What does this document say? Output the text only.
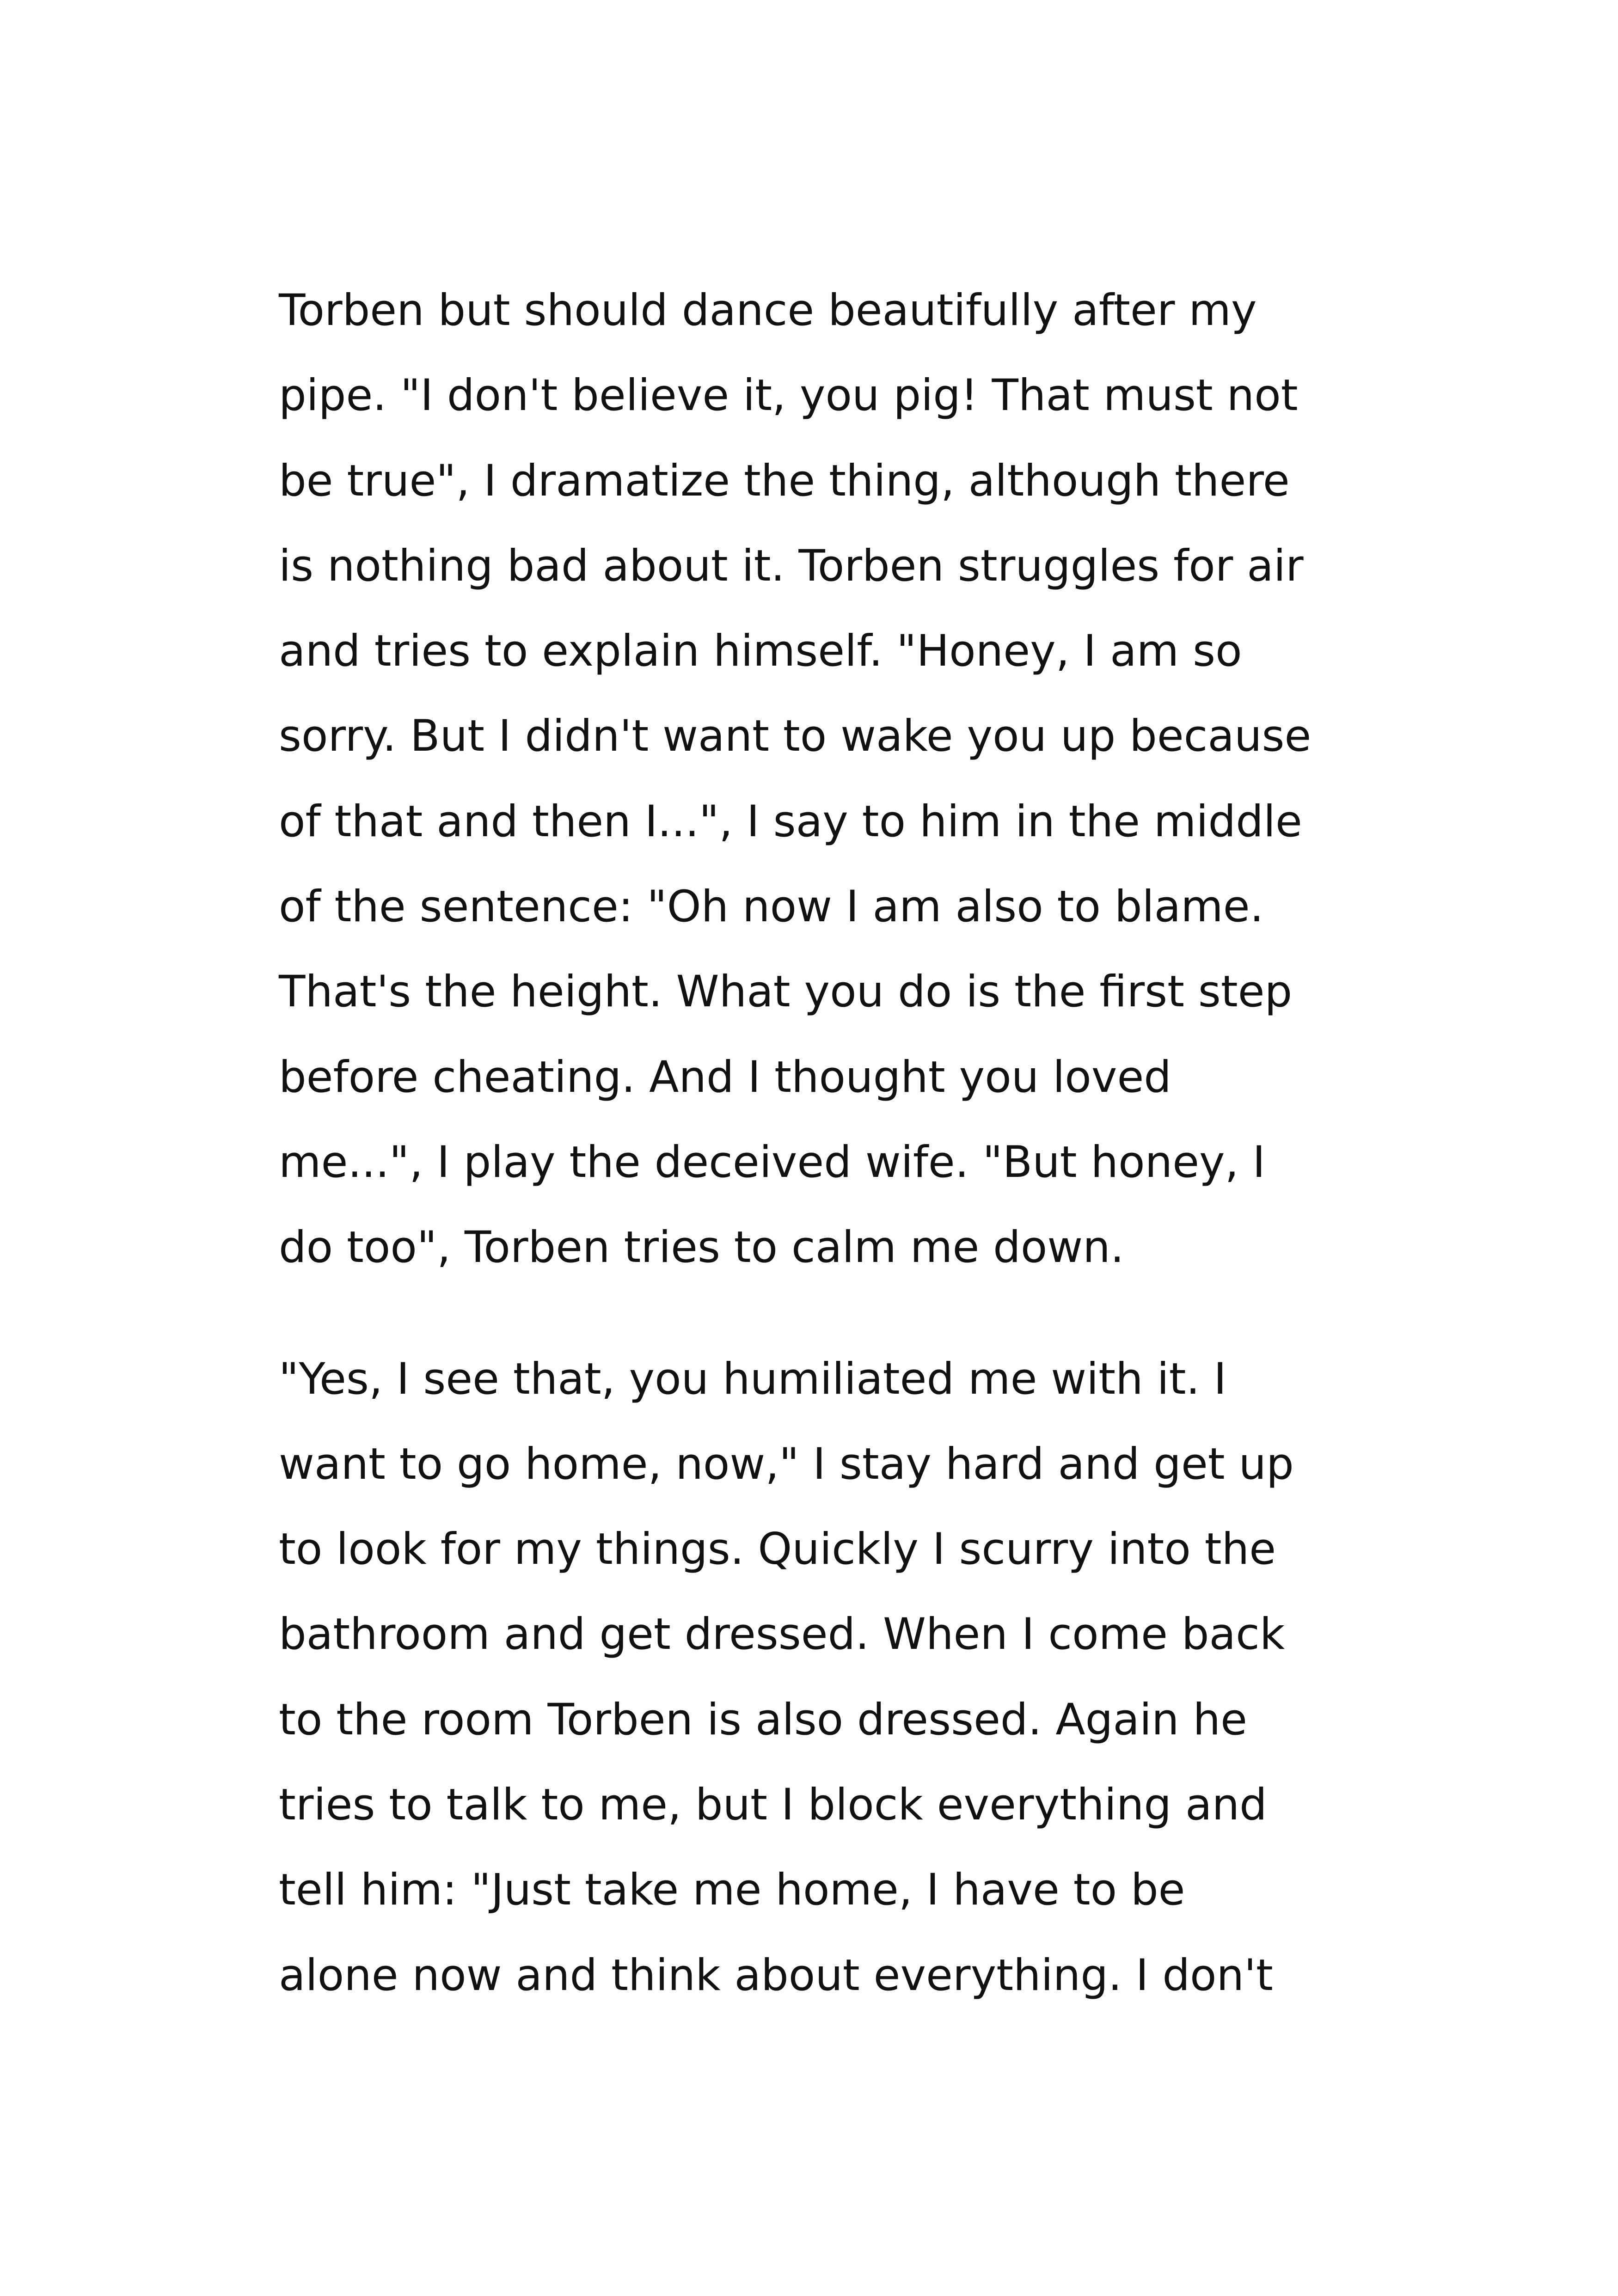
Torben but should dance beautifully after my
pipe. "I don't believe it, you pig! That must not
be true", I dramatize the thing, although there
is nothing bad about it. Torben struggles for air
and tries to explain himself. "Honey, I am so
sorry. But I didn't want to wake you up because
of that and then I...", I say to him in the middle
of the sentence: "Oh now I am also to blame.
That's the height. What you do is the first step
before cheating. And I thought you loved
me...", I play the deceived wife. "But honey, I
do too", Torben tries to calm me down.
"Yes, I see that, you humiliated me with it. I
want to go home, now," I stay hard and get up
to look for my things. Quickly I scurry into the
bathroom and get dressed. When I come back
to the room Torben is also dressed. Again he
tries to talk to me, but I block everything and
tell him: "Just take me home, I have to be
alone now and think about everything. I don't
